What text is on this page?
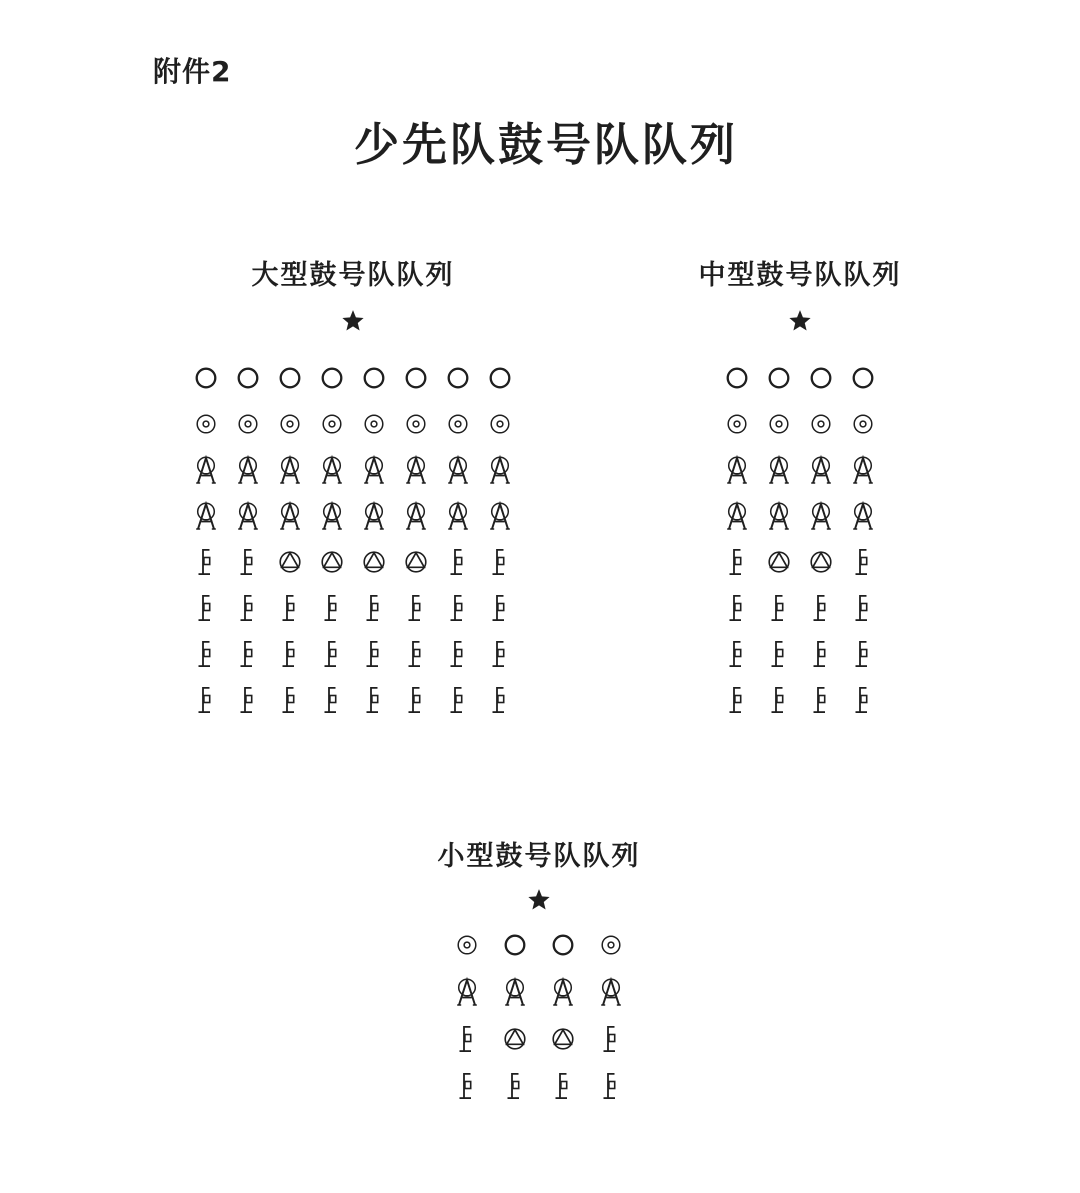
附件2
少先队鼓号队队列
大型鼓号队队列	中型鼓号队队列
小型鼓号队队列
